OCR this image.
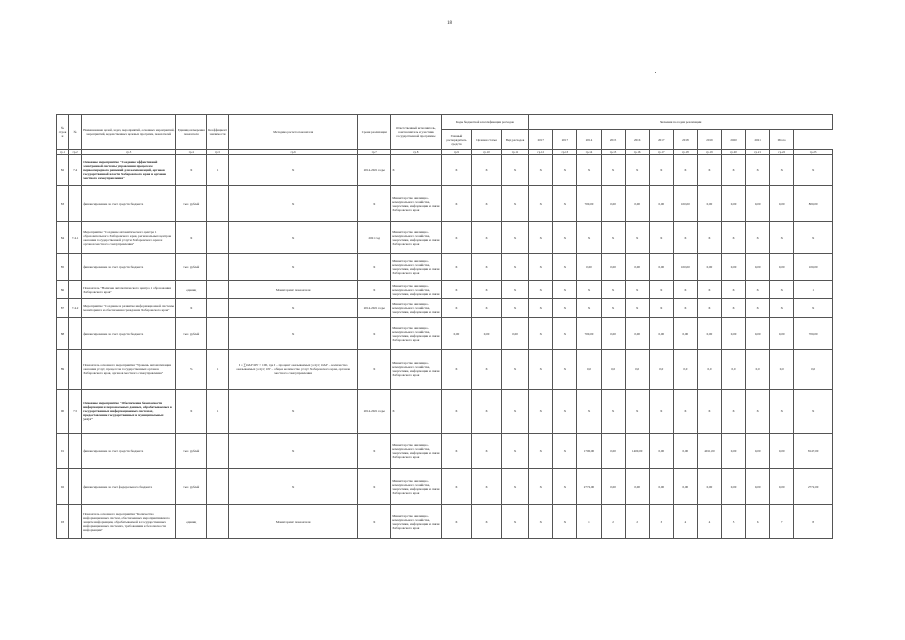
18
№ строки	№	Наименование целей, задач, мероприятий, основных мероприятий, мероприятий, ведомственных целевых программ, показателей	Единица измерения показателя	Коэффициент значимости	Методика расчета показателя	Сроки реализации	Ответственный исполнитель, соисполнитель и участник государственной программы	Коды бюджетной классификации расходов			Значения по годам реализации											
								Главный распорядитель средств	Целевая статья	Вид расходов	2017	2017	2014	2015	2016	2017	2018	2019	2020	2021	Итого	
гр.1	гр.2	гр.3	гр.4	гр.5	гр.6	гр.7	гр.8	гр.9	гр.10	гр.11	гр.12	гр.13	гр.14	гр.15	гр.16	гр.17	гр.18	гр.19	гр.20	гр.21	гр.22	гр.23
82	7.4	Основное мероприятие "Создание эффективной электронной системы управления процессом первоочередного решений для компенсаций, органов государственной власти Хабаровского края и органов местного самоуправления"	Х	1	Х	2014-2021 годы	Х	Х	Х	Х	Х	Х	Х	Х	Х	Х	Х	Х	Х	Х	Х	Х
83		финансирование за счет средств бюджета	тыс. рублей		Х	Х	Министерство жилищно-коммунального хозяйства, энергетики, информации и связи Хабаровского края	Х	Х	Х	Х	Х	700,00	0,00	0,00	0,00	100,00	0,00	0,00	0,00	0,00	800,00
84	7.4.1	Мероприятие "Создание автоматического центра 1 образовательного Хабаровского края, региональных центров оказания государственной услуги Хабаровского края и органов местного самоуправления"	Х		Х	2021 год	Министерство жилищно-коммунального хозяйства, энергетики, информации и связи Хабаровского края	Х	Х	Х	Х	Х	Х	Х	Х	Х	Х	Х	Х	Х	Х	Х
85		финансирование за счет средств бюджета	тыс. рублей		Х	Х	Министерство жилищно-коммунального хозяйства, энергетики, информации и связи Хабаровского края	Х	Х	Х	Х	Х	0,00	0,00	0,00	0,00	100,00	0,00	0,00	0,00	0,00	100,00
86		Показатель "Наличие автоматического центра 1 образования Хабаровского края"	единиц		Мониторинг показателя	Х	Министерство жилищно-коммунального хозяйства, энергетики, информации и связи	Х	Х	Х	Х	Х	Х	Х	Х	Х	Х	Х	Х	Х	Х	1
87	7.4.2	Мероприятие "Создание и развитие информационной системы мониторинга и обеспечения гражданам Хабаровского края"	Х		Х	2014-2021 годы	Министерство жилищно-коммунального хозяйства, энергетики, информации и связи	Х	Х	Х	Х	Х	Х	Х	Х	Х	Х	Х	Х	Х	Х	Х
88		финансирование за счет средств бюджета	тыс. рублей		Х	Х	Министерство жилищно-коммунального хозяйства, энергетики, информации и связи Хабаровского края	0,00	0,00	0,00	Х	Х	700,00	0,00	0,00	0,00	0,00	0,00	0,00	0,00	0,00	700,00
89		Показатель основного мероприятия "Уровень автоматизации оказания услуг, процессов государственных органов Хабаровского края, органов местного самоуправления"	%	1	I = ∑ОАУ/ОУ × 100, где I – процент оказываемых услуг; ОАУ – количество оказываемых услуг; ОУ – общее количество услуг Хабаровского края, органов местного самоуправления	Х	Министерство жилищно-коммунального хозяйства, энергетики, информации и связи Хабаровского края	Х	Х	Х	Х	Х	0,0	0,0	0,0	0,0	0,0	0,0	0,0	0,0	0,0	0,0
90	7.5	Основное мероприятие "Обеспечение безопасности информации и персональных данных, обрабатываемых в государственных информационных системах, предоставление государственных и муниципальных услуг"	Х	1	Х	2014-2021 годы	Х	Х	Х	Х	Х	Х	Х	Х	Х	Х	Х	Х	Х	Х	Х	Х
91		финансирование за счет средств бюджета	тыс. рублей		Х	Х	Министерство жилищно-коммунального хозяйства, энергетики, информации и связи Хабаровского края	Х	Х	Х	Х	Х	1700,00	0,00	1400,00	0,00	0,00	4911,00	0,00	0,00	0,00	8147,00
92		финансирование за счет федерального бюджета	тыс. рублей		Х	Х	Министерство жилищно-коммунального хозяйства, энергетики, информации и связи Хабаровского края	Х	Х	Х	Х	Х	2772,00	0,00	0,00	0,00	0,00	0,00	0,00	0,00	0,00	2772,00
93		Показатель основного мероприятия "Количество информационных систем, обеспеченных мероприятиями по защите информации, обрабатываемой в государственных информационных системах, требованиям к безопасности информации"	единиц		Мониторинг показателя	Х	Министерство жилищно-коммунального хозяйства, энергетики, информации и связи Хабаровского края	Х	Х	Х	Х	Х	1	2	2	3	4	4	5	6	7	8
